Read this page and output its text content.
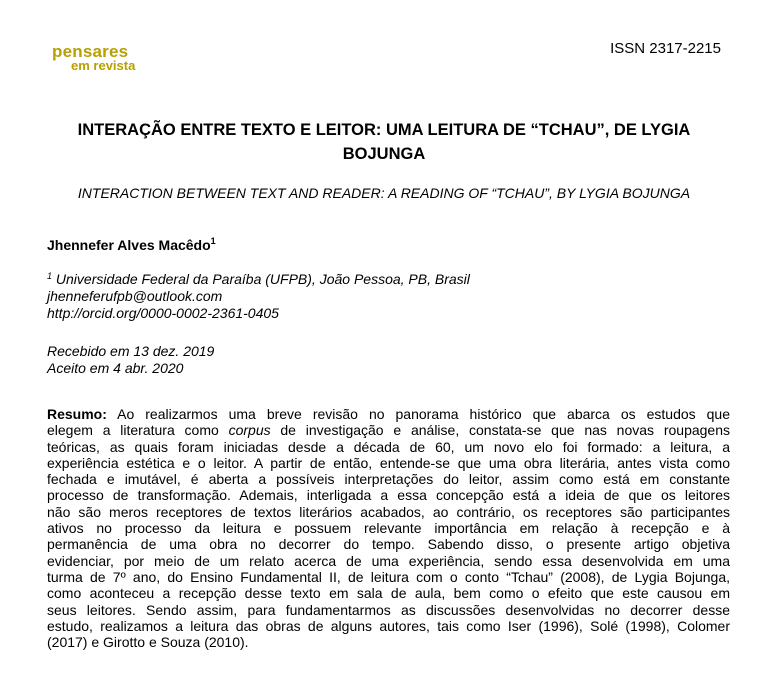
pensares
em revista
ISSN 2317-2215
INTERAÇÃO ENTRE TEXTO E LEITOR: UMA LEITURA DE “TCHAU”, DE LYGIA
BOJUNGA
INTERACTION BETWEEN TEXT AND READER: A READING OF “TCHAU”, BY LYGIA BOJUNGA
Jhennefer Alves Macêdo$^1$
$^1$ Universidade Federal da Paraíba (UFPB), João Pessoa, PB, Brasil
jhenneferufpb@outlook.com
http://orcid.org/0000-0002-2361-0405
Recebido em 13 dez. 2019
Aceito em 4 abr. 2020
Resumo: Ao realizarmos uma breve revisão no panorama histórico que abarca os estudos que
elegem a literatura como corpus de investigação e análise, constata-se que nas novas roupagens
teóricas, as quais foram iniciadas desde a década de 60, um novo elo foi formado: a leitura, a
experiência estética e o leitor. A partir de então, entende-se que uma obra literária, antes vista como
fechada e imutável, é aberta a possíveis interpretações do leitor, assim como está em constante
processo de transformação. Ademais, interligada a essa concepção está a ideia de que os leitores
não são meros receptores de textos literários acabados, ao contrário, os receptores são participantes
ativos no processo da leitura e possuem relevante importância em relação à recepção e à
permanência de uma obra no decorrer do tempo. Sabendo disso, o presente artigo objetiva
evidenciar, por meio de um relato acerca de uma experiência, sendo essa desenvolvida em uma
turma de 7º ano, do Ensino Fundamental II, de leitura com o conto “Tchau” (2008), de Lygia Bojunga,
como aconteceu a recepção desse texto em sala de aula, bem como o efeito que este causou em
seus leitores. Sendo assim, para fundamentarmos as discussões desenvolvidas no decorrer desse
estudo, realizamos a leitura das obras de alguns autores, tais como Iser (1996), Solé (1998), Colomer
(2017) e Girotto e Souza (2010).
